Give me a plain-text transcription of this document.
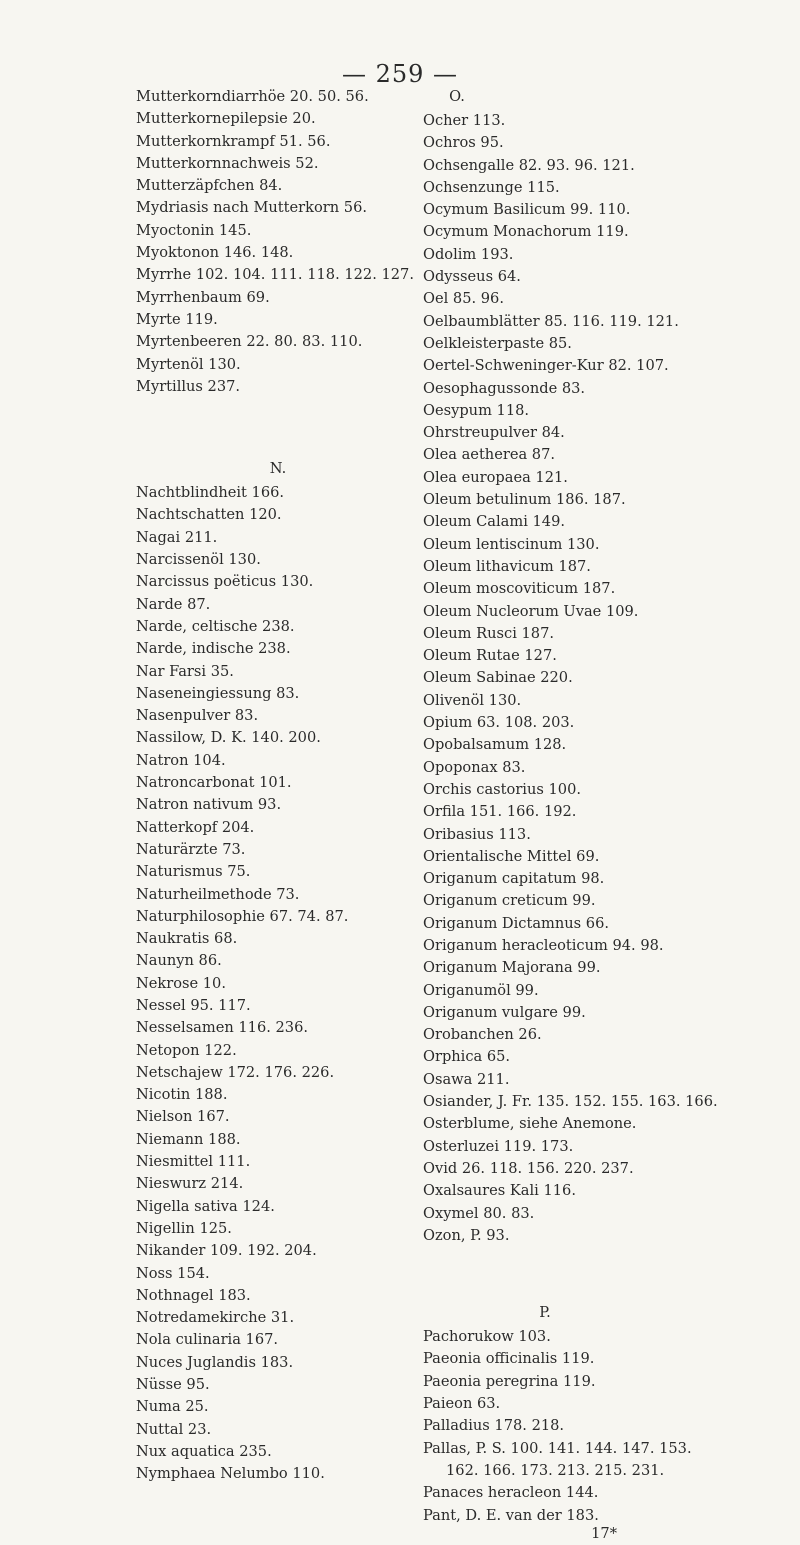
— 259 —
Mutterkorndiarrhöe 20. 50. 56.
Mutterkornepilepsie 20.
Mutterkornkrampf 51. 56.
Mutterkornnachweis 52.
Mutterzäpfchen 84.
Mydriasis nach Mutterkorn 56.
Myoctonin 145.
Myoktonon 146. 148.
Myrrhe 102. 104. 111. 118. 122. 127.
Myrrhenbaum 69.
Myrte 119.
Myrtenbeeren 22. 80. 83. 110.
Myrtenöl 130.
Myrtillus 237.
N.
Nachtblindheit 166.
Nachtschatten 120.
Nagai 211.
Narcissenöl 130.
Narcissus poëticus 130.
Narde 87.
Narde, celtische 238.
Narde, indische 238.
Nar Farsi 35.
Naseneingiessung 83.
Nasenpulver 83.
Nassilow, D. K. 140. 200.
Natron 104.
Natroncarbonat 101.
Natron nativum 93.
Natterkopf 204.
Naturärzte 73.
Naturismus 75.
Naturheilmethode 73.
Naturphilosophie 67. 74. 87.
Naukratis 68.
Naunyn 86.
Nekrose 10.
Nessel 95. 117.
Nesselsamen 116. 236.
Netopon 122.
Netschajew 172. 176. 226.
Nicotin 188.
Nielson 167.
Niemann 188.
Niesmittel 111.
Nieswurz 214.
Nigella sativa 124.
Nigellin 125.
Nikander 109. 192. 204.
Noss 154.
Nothnagel 183.
Notredamekirche 31.
Nola culinaria 167.
Nuces Juglandis 183.
Nüsse 95.
Numa 25.
Nuttal 23.
Nux aquatica 235.
Nymphaea Nelumbo 110.
O.
Ocher 113.
Ochros 95.
Ochsengalle 82. 93. 96. 121.
Ochsenzunge 115.
Ocymum Basilicum 99. 110.
Ocymum Monachorum 119.
Odolim 193.
Odysseus 64.
Oel 85. 96.
Oelbaumblätter 85. 116. 119. 121.
Oelkleisterpaste 85.
Oertel-Schweninger-Kur 82. 107.
Oesophagussonde 83.
Oesypum 118.
Ohrstreupulver 84.
Olea aetherea 87.
Olea europaea 121.
Oleum betulinum 186. 187.
Oleum Calami 149.
Oleum lentiscinum 130.
Oleum lithavicum 187.
Oleum moscoviticum 187.
Oleum Nucleorum Uvae 109.
Oleum Rusci 187.
Oleum Rutae 127.
Oleum Sabinae 220.
Olivenöl 130.
Opium 63. 108. 203.
Opobalsamum 128.
Opoponax 83.
Orchis castorius 100.
Orfila 151. 166. 192.
Oribasius 113.
Orientalische Mittel 69.
Origanum capitatum 98.
Origanum creticum 99.
Origanum Dictamnus 66.
Origanum heracleoticum 94. 98.
Origanum Majorana 99.
Origanumöl 99.
Origanum vulgare 99.
Orobanchen 26.
Orphica 65.
Osawa 211.
Osiander, J. Fr. 135. 152. 155. 163. 166.
Osterblume, siehe Anemone.
Osterluzei 119. 173.
Ovid 26. 118. 156. 220. 237.
Oxalsaures Kali 116.
Oxymel 80. 83.
Ozon, P. 93.
P.
Pachorukow 103.
Paeonia officinalis 119.
Paeonia peregrina 119.
Paieon 63.
Palladius 178. 218.
Pallas, P. S. 100. 141. 144. 147. 153.
162. 166. 173. 213. 215. 231.
Panaces heracleon 144.
Pant, D. E. van der 183.
17*
